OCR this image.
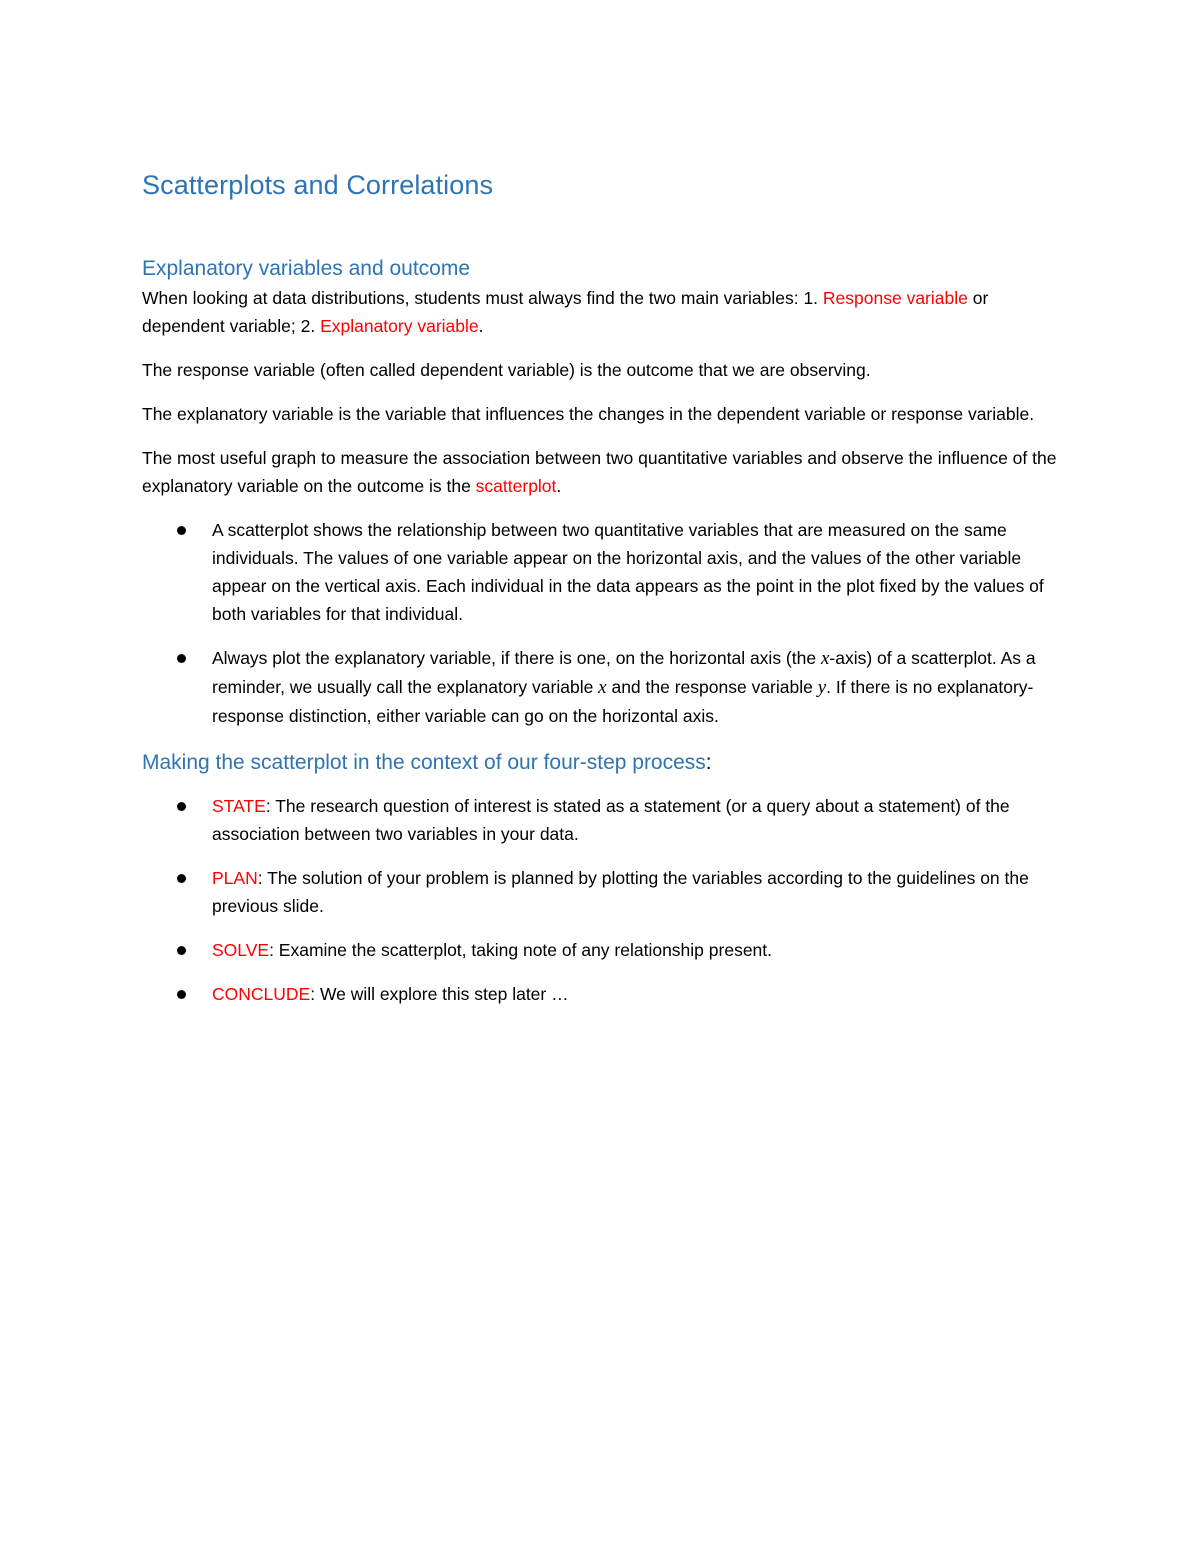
Scatterplots and Correlations
Explanatory variables and outcome

When looking at data distributions, students must always find the two main variables: 1. Response variable or dependent variable; 2. Explanatory variable.

The response variable (often called dependent variable) is the outcome that we are observing.

The explanatory variable is the variable that influences the changes in the dependent variable or response variable.

The most useful graph to measure the association between two quantitative variables and observe the influence of the explanatory variable on the outcome is the scatterplot.

A scatterplot shows the relationship between two quantitative variables that are measured on the same individuals. The values of one variable appear on the horizontal axis, and the values of the other variable appear on the vertical axis. Each individual in the data appears as the point in the plot fixed by the values of both variables for that individual.
Always plot the explanatory variable, if there is one, on the horizontal axis (the x-axis) of a scatterplot. As a reminder, we usually call the explanatory variable x and the response variable y. If there is no explanatory-response distinction, either variable can go on the horizontal axis.
Making the scatterplot in the context of our four-step process:
STATE: The research question of interest is stated as a statement (or a query about a statement) of the association between two variables in your data.
PLAN: The solution of your problem is planned by plotting the variables according to the guidelines on the previous slide.
SOLVE: Examine the scatterplot, taking note of any relationship present.
CONCLUDE: We will explore this step later …
